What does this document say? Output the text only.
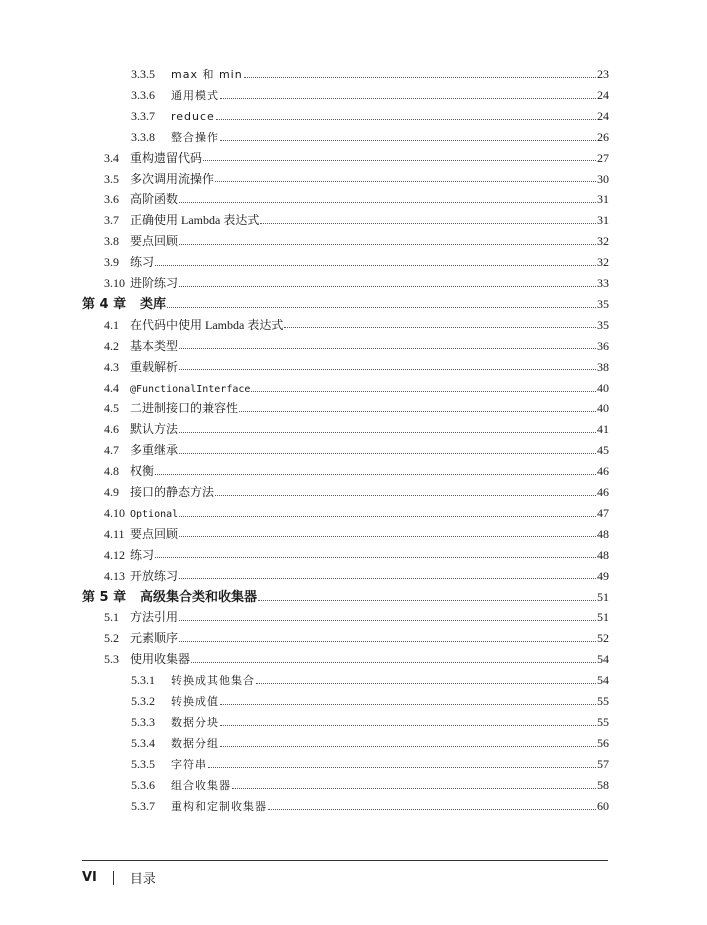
3.3.5	max 和 min	23
3.3.6	通用模式	24
3.3.7	reduce	24
3.3.8	整合操作	26
3.4 重构遗留代码	27
3.5 多次调用流操作	30
3.6 高阶函数	31
3.7 正确使用 Lambda 表达式	31
3.8 要点回顾	32
3.9 练习	32
3.10 进阶练习	33
第 4 章	类库	35
4.1 在代码中使用 Lambda 表达式	35
4.2 基本类型	36
4.3 重载解析	38
4.4	@FunctionalInterface	40
4.5 二进制接口的兼容性	40
4.6 默认方法	41
4.7 多重继承	45
4.8 权衡	46
4.9 接口的静态方法	46
4.10 Optional	47
4.11 要点回顾	48
4.12 练习	48
4.13 开放练习	49
第 5 章	高级集合类和收集器	51
5.1 方法引用	51
5.2 元素顺序	52
5.3 使用收集器	54
5.3.1	转换成其他集合	54
5.3.2	转换成值	55
5.3.3	数据分块	55
5.3.4	数据分组	56
5.3.5	字符串	57
5.3.6	组合收集器	58
5.3.7	重构和定制收集器	60
VI	目录
